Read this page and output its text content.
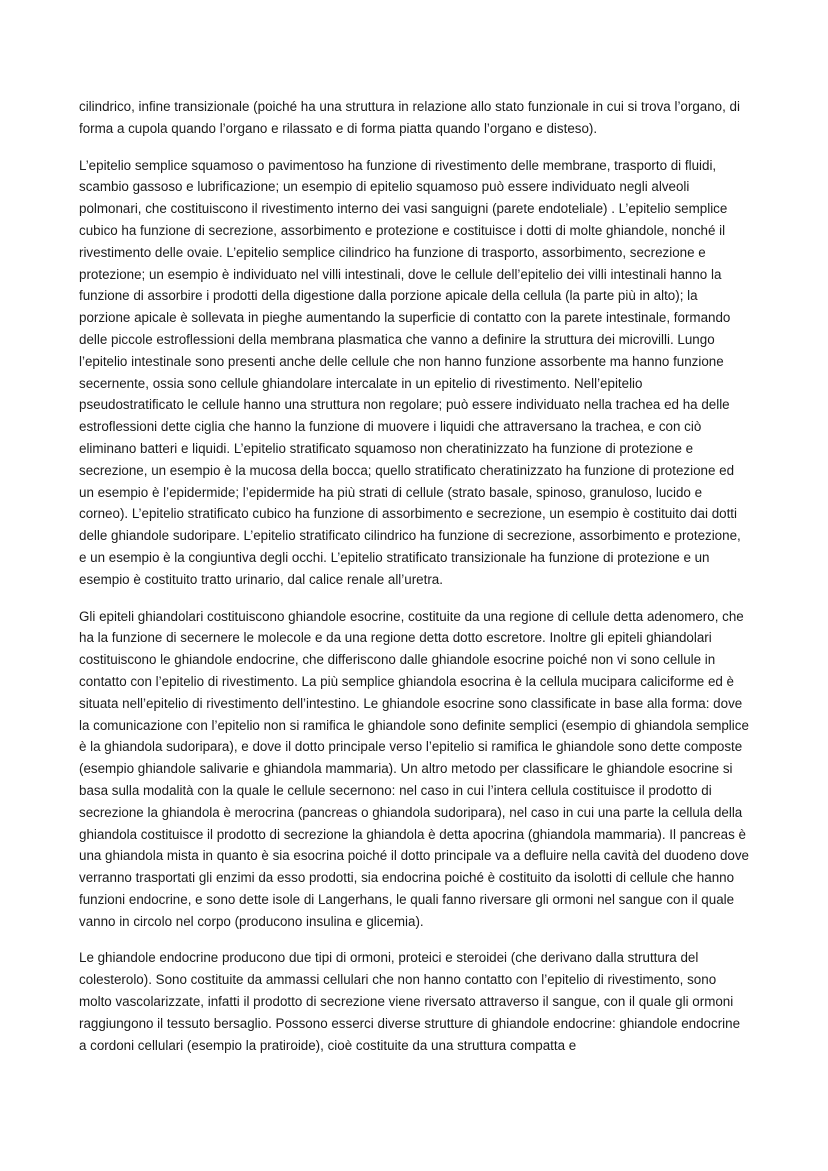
cilindrico, infine transizionale (poiché ha una struttura in relazione allo stato funzionale in cui si trova l’organo, di forma a cupola quando l’organo e rilassato e di forma piatta quando l’organo e disteso).

L’epitelio semplice squamoso o pavimentoso ha funzione di rivestimento delle membrane, trasporto di fluidi, scambio gassoso e lubrificazione; un esempio di epitelio squamoso può essere individuato negli alveoli polmonari, che costituiscono il rivestimento interno dei vasi sanguigni (parete endoteliale) . L’epitelio semplice cubico ha funzione di secrezione, assorbimento e protezione e costituisce i dotti di molte ghiandole, nonché il rivestimento delle ovaie. L’epitelio semplice cilindrico ha funzione di trasporto, assorbimento, secrezione e protezione; un esempio è individuato nel villi intestinali, dove le cellule dell’epitelio dei villi intestinali hanno la funzione di assorbire i prodotti della digestione dalla porzione apicale della cellula (la parte più in alto); la porzione apicale è sollevata in pieghe aumentando la superficie di contatto con la parete intestinale, formando delle piccole estroflessioni della membrana plasmatica che vanno a definire la struttura dei microvilli. Lungo l’epitelio intestinale sono presenti anche delle cellule che non hanno funzione assorbente ma hanno funzione secernente, ossia sono cellule ghiandolare intercalate in un epitelio di rivestimento. Nell’epitelio pseudostratificato le cellule hanno una struttura non regolare; può essere individuato nella trachea ed ha delle estroflessioni dette ciglia che hanno la funzione di muovere i liquidi che attraversano la trachea, e con ciò eliminano batteri e liquidi. L’epitelio stratificato squamoso non cheratinizzato ha funzione di protezione e secrezione, un esempio è la mucosa della bocca; quello stratificato cheratinizzato ha funzione di protezione ed un esempio è l’epidermide; l’epidermide ha più strati di cellule (strato basale, spinoso, granuloso, lucido e corneo). L’epitelio stratificato cubico ha funzione di assorbimento e secrezione, un esempio è costituito dai dotti delle ghiandole sudoripare. L’epitelio stratificato cilindrico ha funzione di secrezione, assorbimento e protezione, e un esempio è la congiuntiva degli occhi. L’epitelio stratificato transizionale ha funzione di protezione e un esempio è costituito tratto urinario, dal calice renale all’uretra.

Gli epiteli ghiandolari costituiscono ghiandole esocrine, costituite da una regione di cellule detta adenomero, che ha la funzione di secernere le molecole e da una regione detta dotto escretore. Inoltre gli epiteli ghiandolari costituiscono le ghiandole endocrine, che differiscono dalle ghiandole esocrine poiché non vi sono cellule in contatto con l’epitelio di rivestimento. La più semplice ghiandola esocrina è la cellula mucipara caliciforme ed è situata nell’epitelio di rivestimento dell’intestino. Le ghiandole esocrine sono classificate in base alla forma: dove la comunicazione con l’epitelio non si ramifica le ghiandole sono definite semplici (esempio di ghiandola semplice è la ghiandola sudoripara), e dove il dotto principale verso l’epitelio si ramifica le ghiandole sono dette composte (esempio ghiandole salivarie e ghiandola mammaria). Un altro metodo per classificare le ghiandole esocrine si basa sulla modalità con la quale le cellule secernono: nel caso in cui l’intera cellula costituisce il prodotto di secrezione la ghiandola è merocrina (pancreas o ghiandola sudoripara), nel caso in cui una parte la cellula della ghiandola costituisce il prodotto di secrezione la ghiandola è detta apocrina (ghiandola mammaria). Il pancreas è una ghiandola mista in quanto è sia esocrina poiché il dotto principale va a defluire nella cavità del duodeno dove verranno trasportati gli enzimi da esso prodotti, sia endocrina poiché è costituito da isolotti di cellule che hanno funzioni endocrine, e sono dette isole di Langerhans, le quali fanno riversare gli ormoni nel sangue con il quale vanno in circolo nel corpo (producono insulina e glicemia).

Le ghiandole endocrine producono due tipi di ormoni, proteici e steroidei (che derivano dalla struttura del colesterolo). Sono costituite da ammassi cellulari che non hanno contatto con l’epitelio di rivestimento, sono molto vascolarizzate, infatti il prodotto di secrezione viene riversato attraverso il sangue, con il quale gli ormoni raggiungono il tessuto bersaglio. Possono esserci diverse strutture di ghiandole endocrine: ghiandole endocrine a cordoni cellulari (esempio la pratiroide), cioè costituite da una struttura compatta e
